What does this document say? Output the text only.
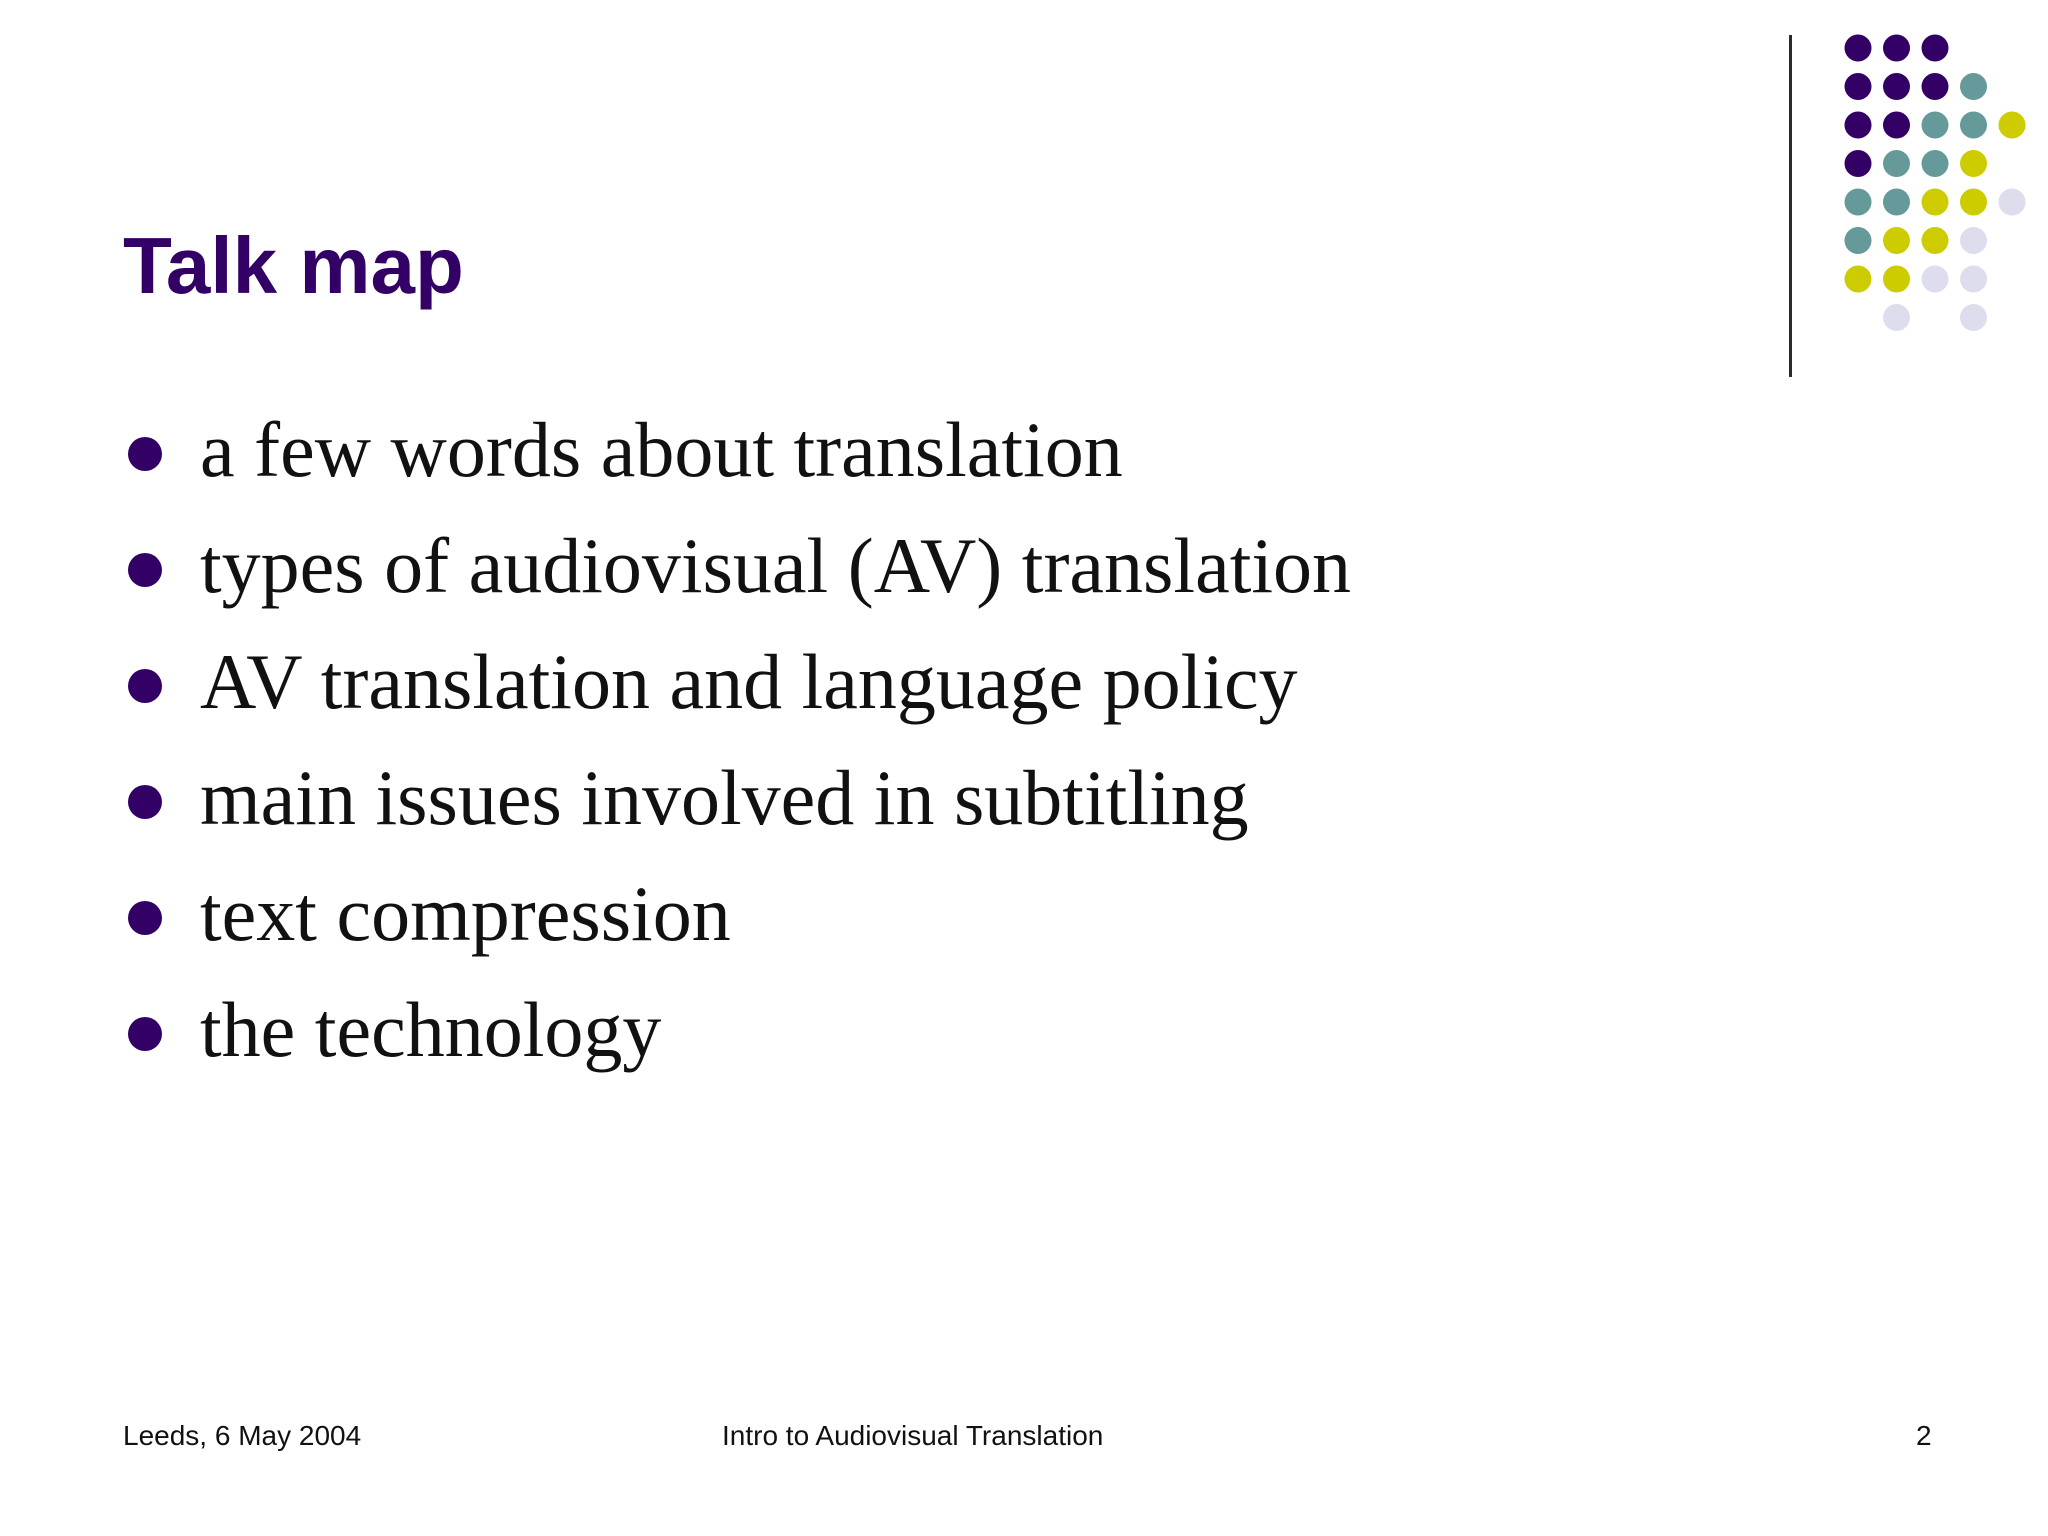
Talk map
a few words about translation
types of audiovisual (AV) translation
AV translation and language policy
main issues involved in subtitling
text compression
the technology
Leeds, 6 May 2004	Intro to Audiovisual Translation	2
